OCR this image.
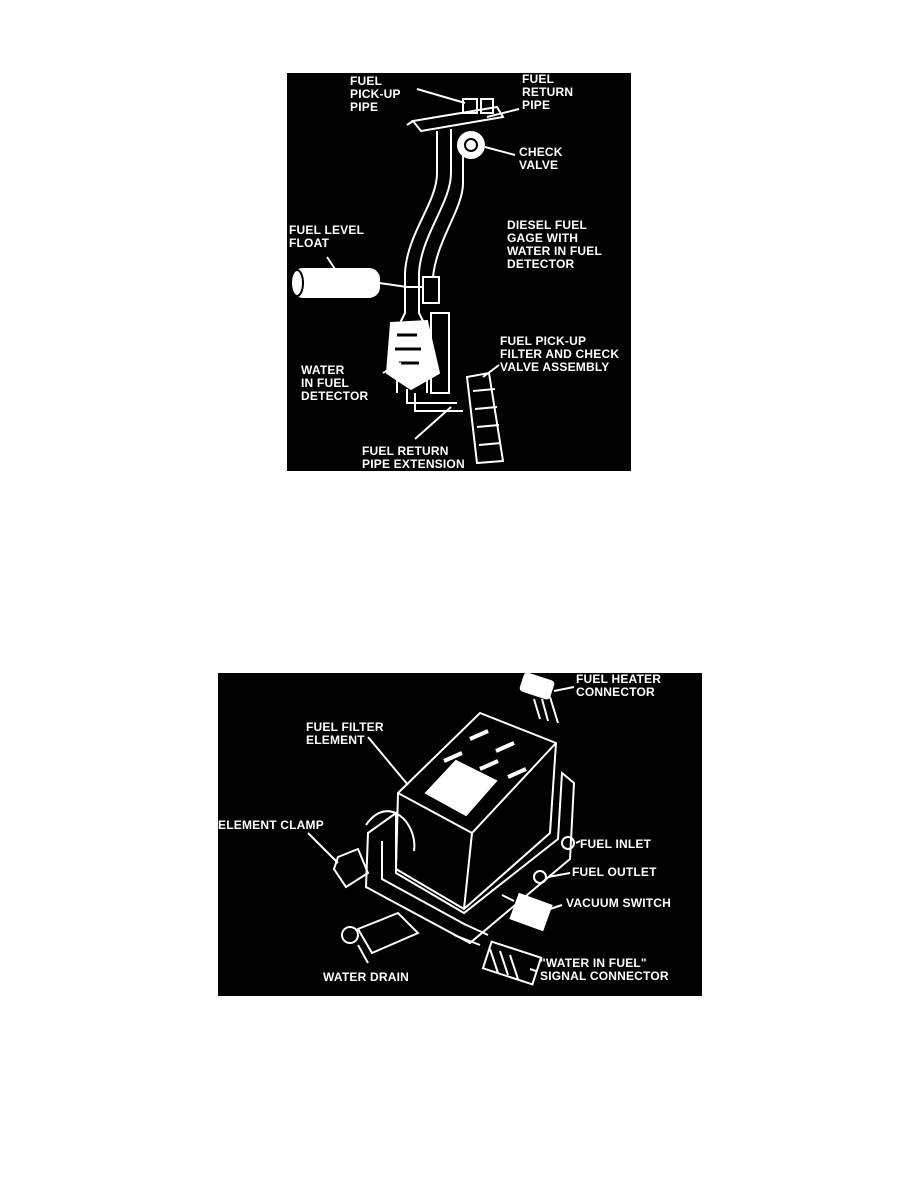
FUEL
PICK-UP
PIPE
FUEL
RETURN
PIPE
CHECK
VALVE
DIESEL FUEL
GAGE WITH
WATER IN FUEL
DETECTOR
FUEL LEVEL
FLOAT
FUEL PICK-UP
FILTER AND CHECK
VALVE ASSEMBLY
WATER
IN FUEL
DETECTOR
FUEL RETURN
PIPE EXTENSION
FUEL HEATER
CONNECTOR
FUEL FILTER
ELEMENT
ELEMENT CLAMP
FUEL INLET
FUEL OUTLET
VACUUM SWITCH
WATER DRAIN
"WATER IN FUEL"
SIGNAL CONNECTOR
